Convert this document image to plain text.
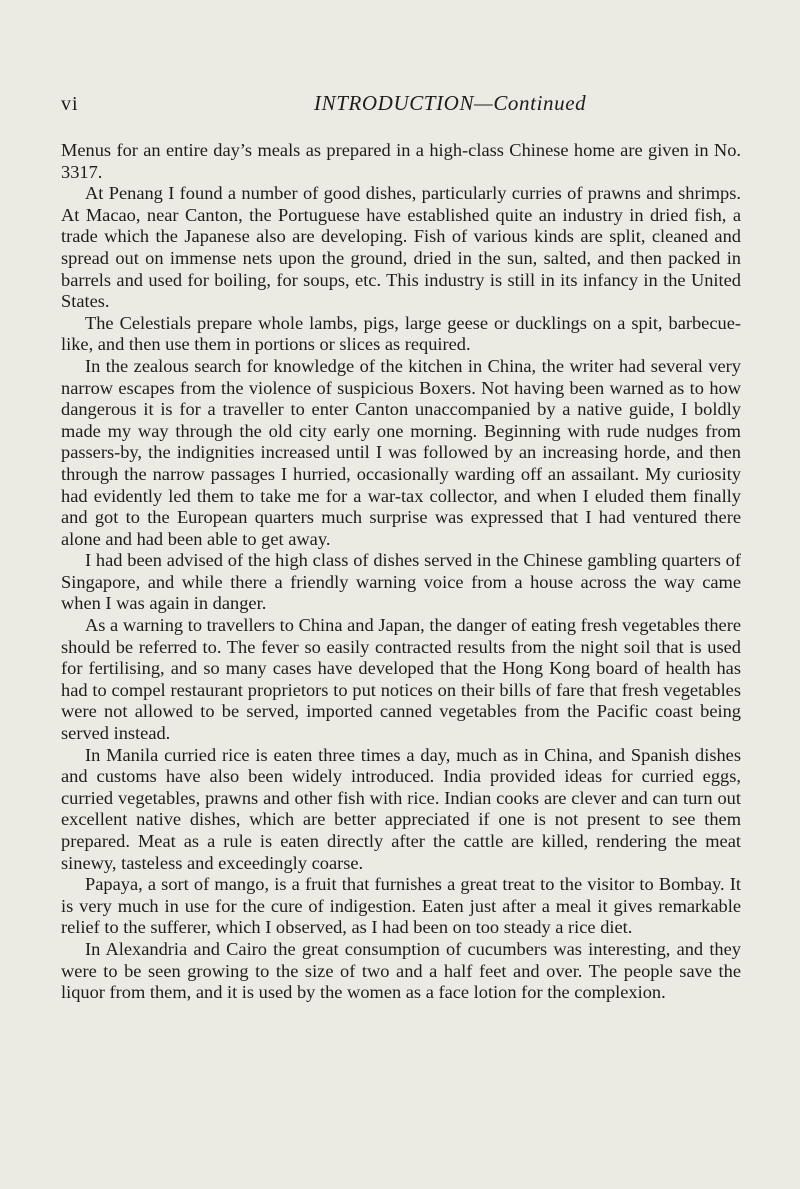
vi	INTRODUCTION—Continued

Menus for an entire day’s meals as prepared in a high-class Chinese home are given in No. 3317.

At Penang I found a number of good dishes, particularly curries of prawns and shrimps. At Macao, near Canton, the Portuguese have established quite an industry in dried fish, a trade which the Japanese also are developing. Fish of various kinds are split, cleaned and spread out on immense nets upon the ground, dried in the sun, salted, and then packed in barrels and used for boiling, for soups, etc. This industry is still in its infancy in the United States.

The Celestials prepare whole lambs, pigs, large geese or ducklings on a spit, barbecue-like, and then use them in portions or slices as required.

In the zealous search for knowledge of the kitchen in China, the writer had several very narrow escapes from the violence of suspicious Boxers. Not having been warned as to how dangerous it is for a traveller to enter Canton unaccompanied by a native guide, I boldly made my way through the old city early one morning. Beginning with rude nudges from passers-by, the indignities increased until I was followed by an increasing horde, and then through the narrow passages I hurried, occasionally warding off an assailant. My curiosity had evidently led them to take me for a war-tax collector, and when I eluded them finally and got to the European quarters much surprise was expressed that I had ventured there alone and had been able to get away.

I had been advised of the high class of dishes served in the Chinese gambling quarters of Singapore, and while there a friendly warning voice from a house across the way came when I was again in danger.

As a warning to travellers to China and Japan, the danger of eating fresh vegetables there should be referred to. The fever so easily contracted results from the night soil that is used for fertilising, and so many cases have developed that the Hong Kong board of health has had to compel restaurant proprietors to put notices on their bills of fare that fresh vegetables were not allowed to be served, imported canned vegetables from the Pacific coast being served instead.

In Manila curried rice is eaten three times a day, much as in China, and Spanish dishes and customs have also been widely introduced. India provided ideas for curried eggs, curried vegetables, prawns and other fish with rice. Indian cooks are clever and can turn out excellent native dishes, which are better appreciated if one is not present to see them prepared. Meat as a rule is eaten directly after the cattle are killed, rendering the meat sinewy, tasteless and exceedingly coarse.

Papaya, a sort of mango, is a fruit that furnishes a great treat to the visitor to Bombay. It is very much in use for the cure of indigestion. Eaten just after a meal it gives remarkable relief to the sufferer, which I observed, as I had been on too steady a rice diet.

In Alexandria and Cairo the great consumption of cucumbers was interesting, and they were to be seen growing to the size of two and a half feet and over. The people save the liquor from them, and it is used by the women as a face lotion for the complexion.
